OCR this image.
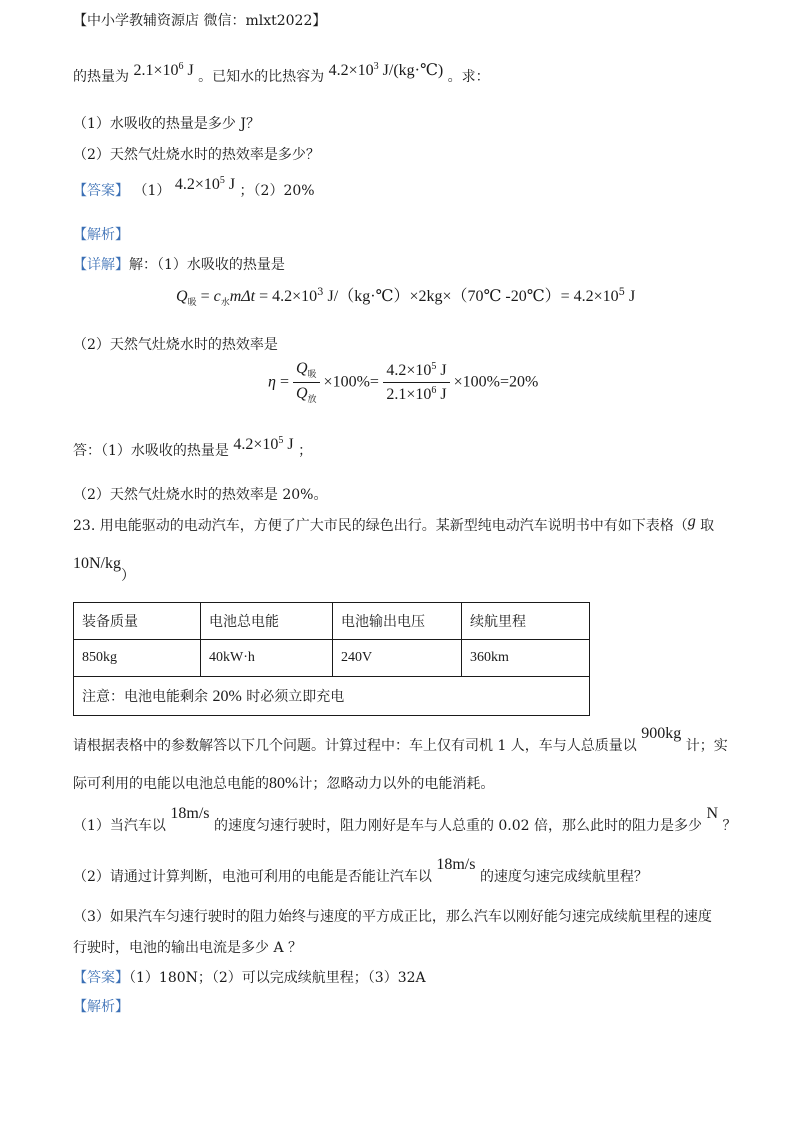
【中小学教辅资源店 微信：mlxt2022】
的热量为 $2.1\times 10^6$ J 。已知水的比热容为 $4.2\times 10^3$ J/(kg·℃) 。求：
（1）水吸收的热量是多少 J？
（2）天然气灶烧水时的热效率是多少？
【答案】 （1） $4.2\times 10^5$ J ；（2）20%
【解析】
【详解】解：（1）水吸收的热量是
$Q_吸 = c_水m\Delta t = 4.2\times 10^3$ J/（kg·℃）×2kg×（70℃ -20℃）= $4.2\times 10^5$ J
（2）天然气灶烧水时的热效率是
$\eta = \frac{Q_吸}{Q_放} \times 100\%= \frac{4.2\times 10^5 J}{2.1\times 10^6 J} \times 100\%=20\%$
答：（1）水吸收的热量是 $4.2\times 10^5$ J ；
（2）天然气灶烧水时的热效率是 20%。
23. 用电能驱动的电动汽车，方便了广大市民的绿色出行。某新型纯电动汽车说明书中有如下表格（g 取
10N/kg）
装备质量	电池总电能	电池输出电压	续航里程
850kg	40kW·h	240V	360km
注意：电池电能剩余 20% 时必须立即充电			
请根据表格中的参数解答以下几个问题。计算过程中：车上仅有司机 1 人，车与人总质量以 900kg 计；实
际可利用的电能以电池总电能的80%计；忽略动力以外的电能消耗。
（1）当汽车以 18m/s 的速度匀速行驶时，阻力刚好是车与人总重的 0.02 倍，那么此时的阻力是多少 N ？
（2）请通过计算判断，电池可利用的电能是否能让汽车以 18m/s 的速度匀速完成续航里程？
（3）如果汽车匀速行驶时的阻力始终与速度的平方成正比，那么汽车以刚好能匀速完成续航里程的速度
行驶时，电池的输出电流是多少 A ？
【答案】（1）180N；（2）可以完成续航里程；（3）32A
【解析】
